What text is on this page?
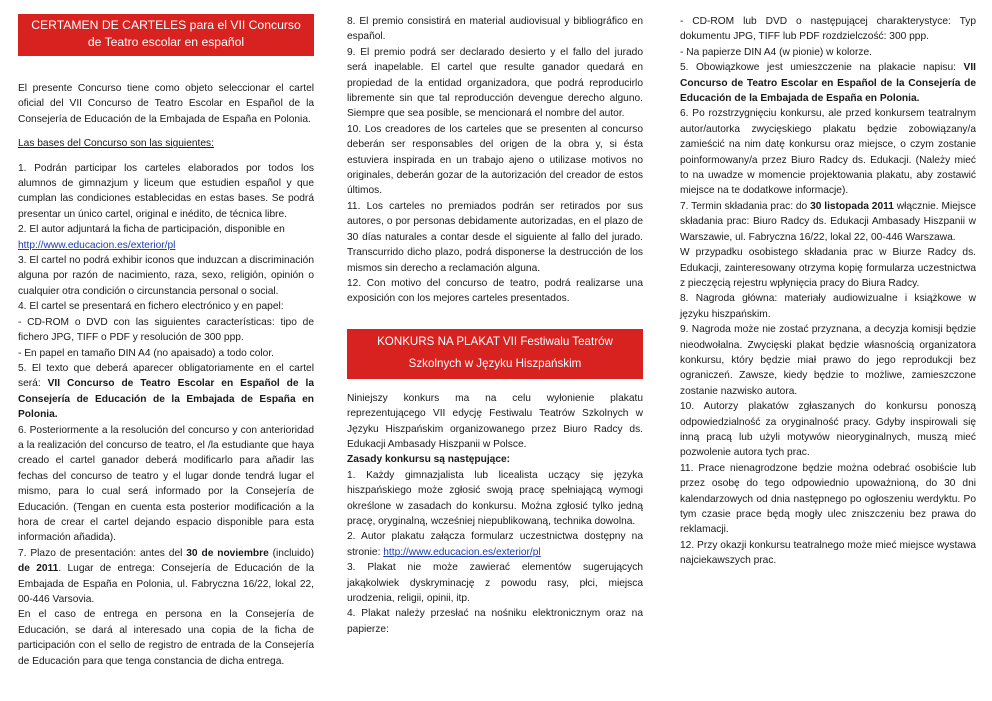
CERTAMEN DE CARTELES para el VII Concurso de Teatro escolar en español

El presente Concurso tiene como objeto seleccionar el cartel oficial del VII Concurso de Teatro Escolar en Español de la Consejería de Educación de la Embajada de España en Polonia.

Las bases del Concurso son las siguientes:

1. Podrán participar los carteles elaborados por todos los alumnos de gimnazjum y liceum que estudien español y que cumplan las condiciones establecidas en estas bases. Se podrá presentar un único cartel, original e inédito, de técnica libre.

2. El autor adjuntará la ficha de participación, disponible en
http://www.educacion.es/exterior/pl

3. El cartel no podrá exhibir iconos que induzcan a discriminación alguna por razón de nacimiento, raza, sexo, religión, opinión o cualquier otra condición o circunstancia personal o social.

4. El cartel se presentará en fichero electrónico y en papel:

- CD-ROM o DVD con las siguientes características: tipo de fichero JPG, TIFF o PDF y resolución de 300 ppp.

- En papel en tamaño DIN A4 (no apaisado) a todo color.

5. El texto que deberá aparecer obligatoriamente en el cartel será: VII Concurso de Teatro Escolar en Español de la Consejería de Educación de la Embajada de España en Polonia.

6. Posteriormente a la resolución del concurso y con anterioridad a la realización del concurso de teatro, el /la estudiante que haya creado el cartel ganador deberá modificarlo para añadir las fechas del concurso de teatro y el lugar donde tendrá lugar el mismo, para lo cual será informado por la Consejería de Educación. (Tengan en cuenta esta posterior modificación a la hora de crear el cartel dejando espacio disponible para esta información añadida).

7. Plazo de presentación: antes del 30 de noviembre (incluido) de 2011. Lugar de entrega: Consejería de Educación de la Embajada de España en Polonia, ul. Fabryczna 16/22, lokal 22, 00-446 Varsovia.

En el caso de entrega en persona en la Consejería de Educación, se dará al interesado una copia de la ficha de participación con el sello de registro de entrada de la Consejería de Educación para que tenga constancia de dicha entrega.

8. El premio consistirá en material audiovisual y bibliográfico en español.

9. El premio podrá ser declarado desierto y el fallo del jurado será inapelable. El cartel que resulte ganador quedará en propiedad de la entidad organizadora, que podrá reproducirlo libremente sin que tal reproducción devengue derecho alguno. Siempre que sea posible, se mencionará el nombre del autor.

10. Los creadores de los carteles que se presenten al concurso deberán ser responsables del origen de la obra y, si ésta estuviera inspirada en un trabajo ajeno o utilizase motivos no originales, deberán gozar de la autorización del creador de estos últimos.

11. Los carteles no premiados podrán ser retirados por sus autores, o por personas debidamente autorizadas, en el plazo de 30 días naturales a contar desde el siguiente al fallo del jurado. Transcurrido dicho plazo, podrá disponerse la destrucción de los mismos sin derecho a reclamación alguna.

12. Con motivo del concurso de teatro, podrá realizarse una exposición con los mejores carteles presentados.

KONKURS NA PLAKAT VII Festiwalu Teatrów Szkolnych w Języku Hiszpańskim

Niniejszy konkurs ma na celu wyłonienie plakatu reprezentującego VII edycję Festiwalu Teatrów Szkolnych w Języku Hiszpańskim organizowanego przez Biuro Radcy ds. Edukacji Ambasady Hiszpanii w Polsce.

Zasady konkursu są następujące:

1. Każdy gimnazjalista lub licealista uczący się języka hiszpańskiego może zgłosić swoją pracę spełniającą wymogi określone w zasadach do konkursu. Można zgłosić tylko jedną pracę, oryginalną, wcześniej niepublikowaną, technika dowolna.

2. Autor plakatu załącza formularz uczestnictwa dostępny na stronie: http://www.educacion.es/exterior/pl

3. Plakat nie może zawierać elementów sugerujących jakąkolwiek dyskryminację z powodu rasy, płci, miejsca urodzenia, religii, opinii, itp.

4. Plakat należy przesłać na nośniku elektronicznym oraz na papierze:

- CD-ROM lub DVD o następującej charakterystyce: Typ dokumentu JPG, TIFF lub PDF rozdzielczość: 300 ppp.

- Na papierze DIN A4 (w pionie) w kolorze.

5. Obowiązkowe jest umieszczenie na plakacie napisu: VII Concurso de Teatro Escolar en Español de la Consejería de Educación de la Embajada de España en Polonia.

6. Po rozstrzygnięciu konkursu, ale przed konkursem teatralnym autor/autorka zwycięskiego plakatu będzie zobowiązany/a zamieścić na nim datę konkursu oraz miejsce, o czym zostanie poinformowany/a przez Biuro Radcy ds. Edukacji. (Należy mieć to na uwadze w momencie projektowania plakatu, aby zostawić miejsce na te dodatkowe informacje).

7. Termin składania prac: do 30 listopada 2011 włącznie. Miejsce składania prac: Biuro Radcy ds. Edukacji Ambasady Hiszpanii w Warszawie, ul. Fabryczna 16/22, lokal 22, 00-446 Warszawa.

W przypadku osobistego składania prac w Biurze Radcy ds. Edukacji, zainteresowany otrzyma kopię formularza uczestnictwa z pieczęcią rejestru wpłynięcia pracy do Biura Radcy.

8. Nagroda główna: materiały audiowizualne i książkowe w języku hiszpańskim.

9. Nagroda może nie zostać przyznana, a decyzja komisji będzie nieodwołalna. Zwycięski plakat będzie własnością organizatora konkursu, który będzie miał prawo do jego reprodukcji bez ograniczeń. Zawsze, kiedy będzie to możliwe, zamieszczone zostanie nazwisko autora.

10. Autorzy plakatów zgłaszanych do konkursu ponoszą odpowiedzialność za oryginalność pracy. Gdyby inspirowali się inną pracą lub użyli motywów nieoryginalnych, muszą mieć pozwolenie autora tych prac.

11. Prace nienagrodzone będzie można odebrać osobiście lub przez osobę do tego odpowiednio upoważnioną, do 30 dni kalendarzowych od dnia następnego po ogłoszeniu werdyktu. Po tym czasie prace będą mogły ulec zniszczeniu bez prawa do reklamacji.

12. Przy okazji konkursu teatralnego może mieć miejsce wystawa najciekawszych prac.
